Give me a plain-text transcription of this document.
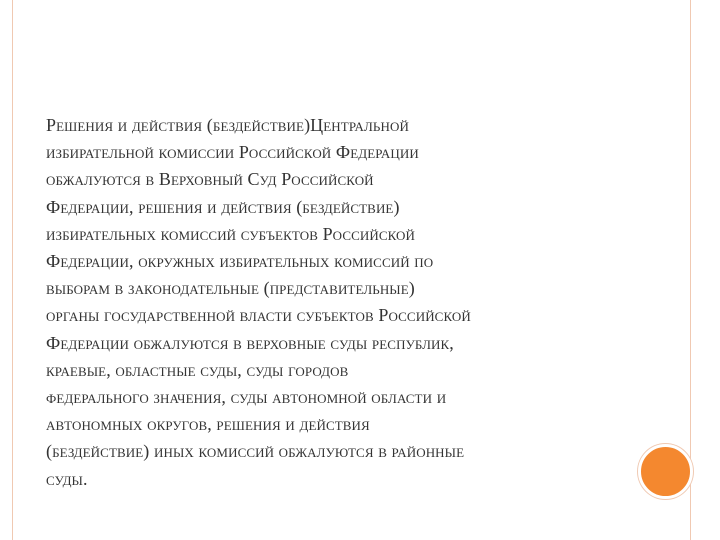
Решения и действия (бездействие)Центральной
избирательной комиссии Российской Федерации
обжалуются в Верховный Суд Российской
Федерации, решения и действия (бездействие)
избирательных комиссий субъектов Российской
Федерации, окружных избирательных комиссий по
выборам в законодательные (представительные)
органы государственной власти субъектов Российской
Федерации обжалуются в верховные суды республик,
краевые, областные суды, суды городов
федерального значения, суды автономной области и
автономных округов, решения и действия
(бездействие) иных комиссий обжалуются в районные
суды.
